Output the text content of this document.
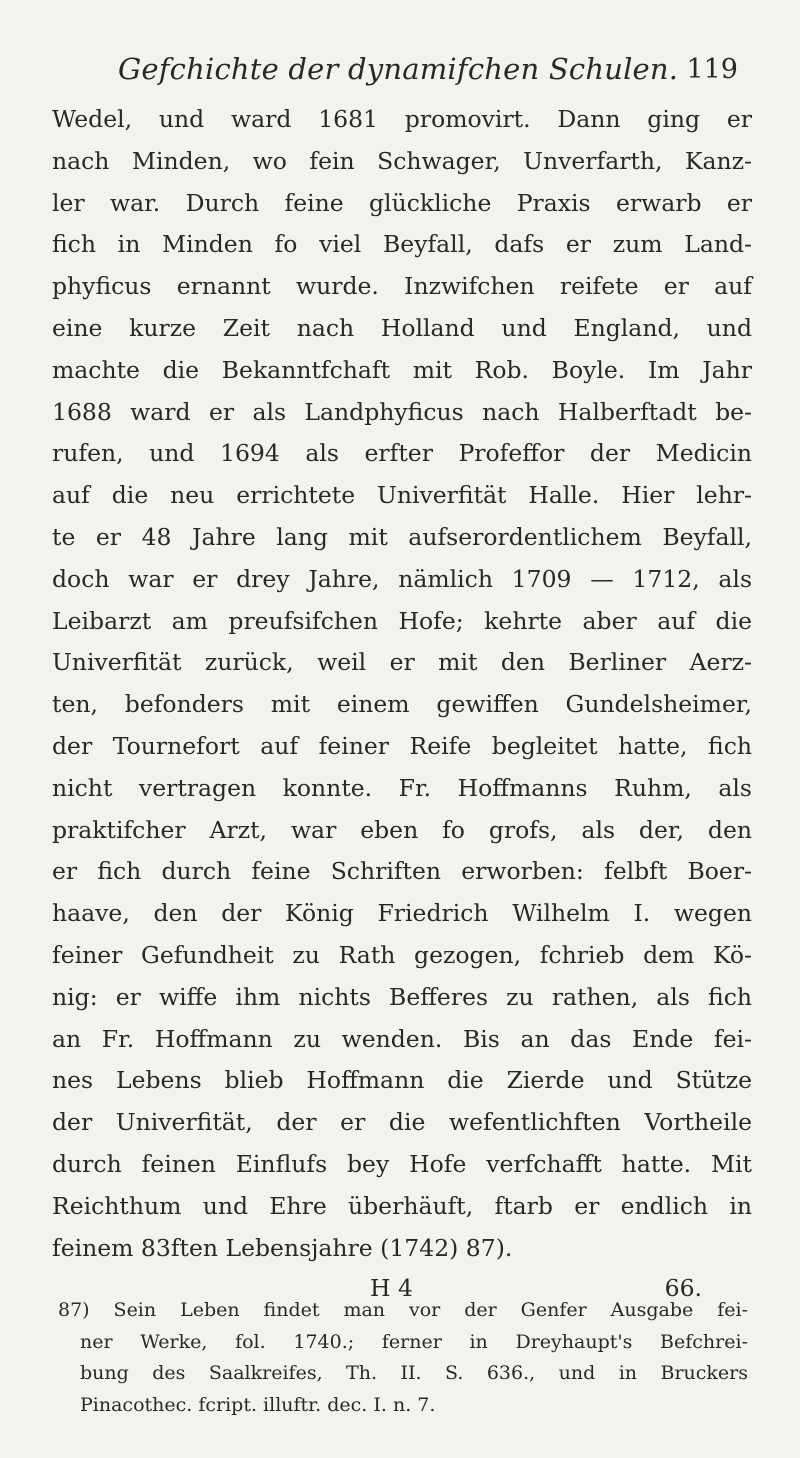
Gefchichte der dynamifchen Schulen. 119
Wedel, und ward 1681 promovirt. Dann ging er
nach Minden, wo fein Schwager, Unverfarth, Kanz-
ler war. Durch feine glückliche Praxis erwarb er
fich in Minden fo viel Beyfall, dafs er zum Land-
phyficus ernannt wurde. Inzwifchen reifete er auf
eine kurze Zeit nach Holland und England, und
machte die Bekanntfchaft mit Rob. Boyle. Im Jahr
1688 ward er als Landphyficus nach Halberftadt be-
rufen, und 1694 als erfter Profeffor der Medicin
auf die neu errichtete Univerfität Halle. Hier lehr-
te er 48 Jahre lang mit aufserordentlichem Beyfall,
doch war er drey Jahre, nämlich 1709 — 1712, als
Leibarzt am preufsifchen Hofe; kehrte aber auf die
Univerfität zurück, weil er mit den Berliner Aerz-
ten, befonders mit einem gewiffen Gundelsheimer,
der Tournefort auf feiner Reife begleitet hatte, fich
nicht vertragen konnte. Fr. Hoffmanns Ruhm, als
praktifcher Arzt, war eben fo grofs, als der, den
er fich durch feine Schriften erworben: felbft Boer-
haave, den der König Friedrich Wilhelm I. wegen
feiner Gefundheit zu Rath gezogen, fchrieb dem Kö-
nig: er wiffe ihm nichts Befferes zu rathen, als fich
an Fr. Hoffmann zu wenden. Bis an das Ende fei-
nes Lebens blieb Hoffmann die Zierde und Stütze
der Univerfität, der er die wefentlichften Vortheile
durch feinen Einflufs bey Hofe verfchafft hatte. Mit
Reichthum und Ehre überhäuft, ftarb er endlich in
feinem 83ften Lebensjahre (1742) 87).
H 4	66.
87) Sein Leben findet man vor der Genfer Ausgabe fei-
ner Werke, fol. 1740.; ferner in Dreyhaupt's Befchrei-
bung des Saalkreifes, Th. II. S. 636., und in Bruckers
Pinacothec. fcript. illuftr. dec. I. n. 7.
